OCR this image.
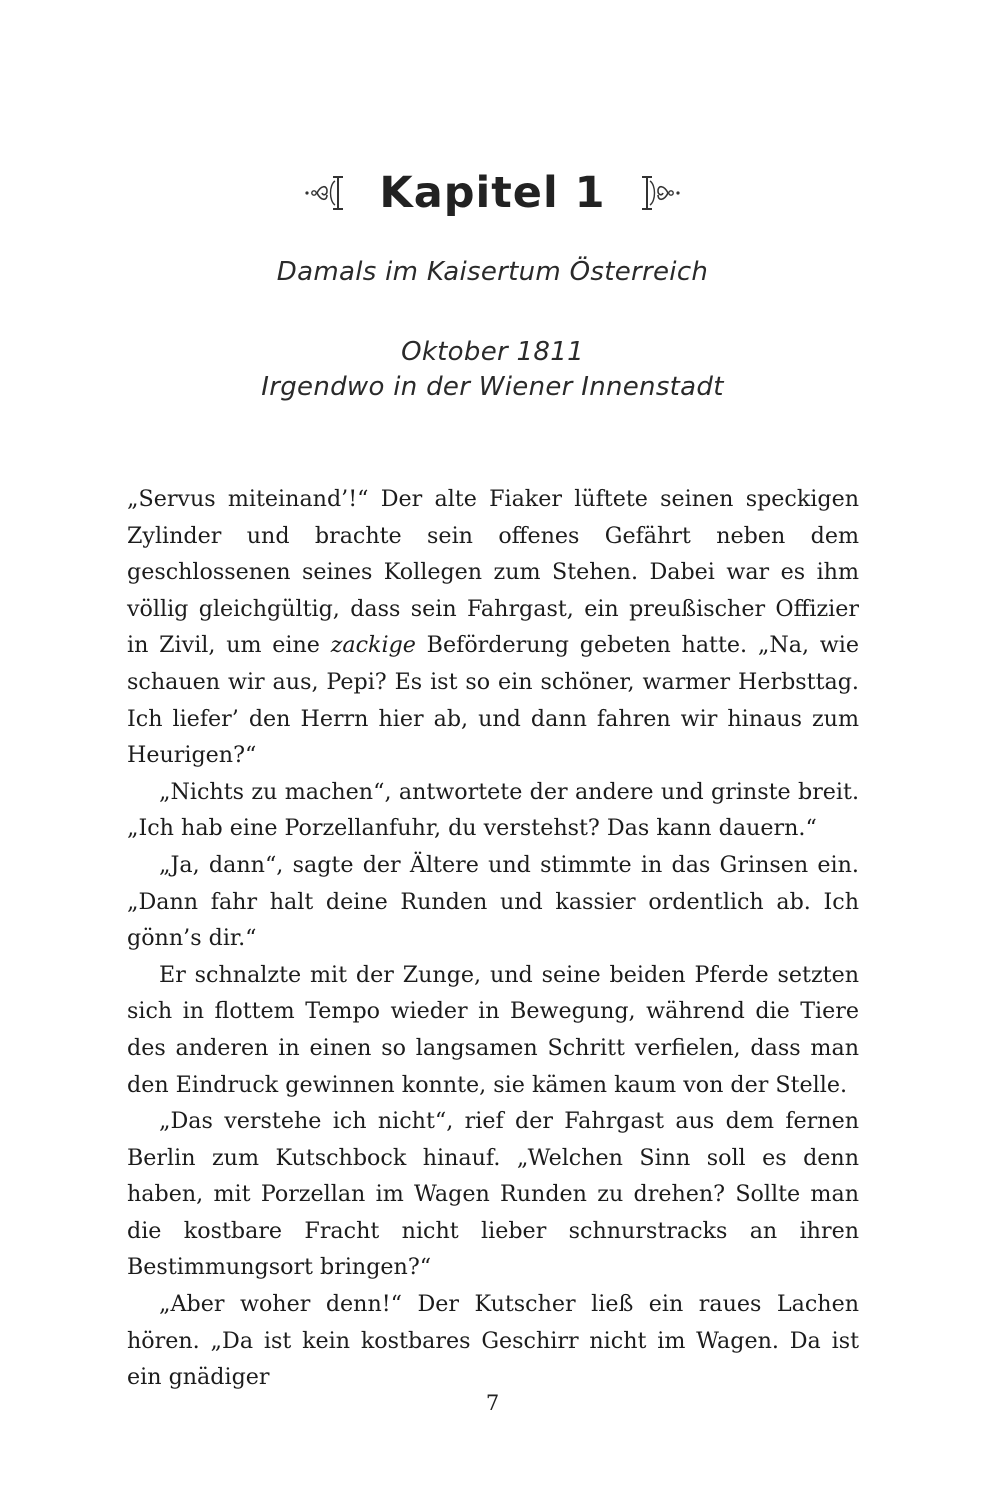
Kapitel 1
Damals im Kaisertum Österreich
Oktober 1811
Irgendwo in der Wiener Innenstadt

„Servus miteinand’!“ Der alte Fiaker lüftete seinen speckigen Zylinder und brachte sein offenes Gefährt neben dem geschlossenen seines Kollegen zum Stehen. Dabei war es ihm völlig gleichgültig, dass sein Fahrgast, ein preußischer Offizier in Zivil, um eine zackige Beförderung gebeten hatte. „Na, wie schauen wir aus, Pepi? Es ist so ein schöner, warmer Herbsttag. Ich liefer’ den Herrn hier ab, und dann fahren wir hinaus zum Heurigen?“

„Nichts zu machen“, antwortete der andere und grinste breit. „Ich hab eine Porzellanfuhr, du verstehst? Das kann dauern.“

„Ja, dann“, sagte der Ältere und stimmte in das Grinsen ein. „Dann fahr halt deine Runden und kassier ordentlich ab. Ich gönn’s dir.“

Er schnalzte mit der Zunge, und seine beiden Pferde setzten sich in flottem Tempo wieder in Bewegung, während die Tiere des anderen in einen so langsamen Schritt verfielen, dass man den Eindruck gewinnen konnte, sie kämen kaum von der Stelle.

„Das verstehe ich nicht“, rief der Fahrgast aus dem fernen Berlin zum Kutschbock hinauf. „Welchen Sinn soll es denn haben, mit Porzellan im Wagen Runden zu drehen? Sollte man die kostbare Fracht nicht lieber schnurstracks an ihren Bestimmungsort bringen?“

„Aber woher denn!“ Der Kutscher ließ ein raues Lachen hören. „Da ist kein kostbares Geschirr nicht im Wagen. Da ist ein gnädiger

7
